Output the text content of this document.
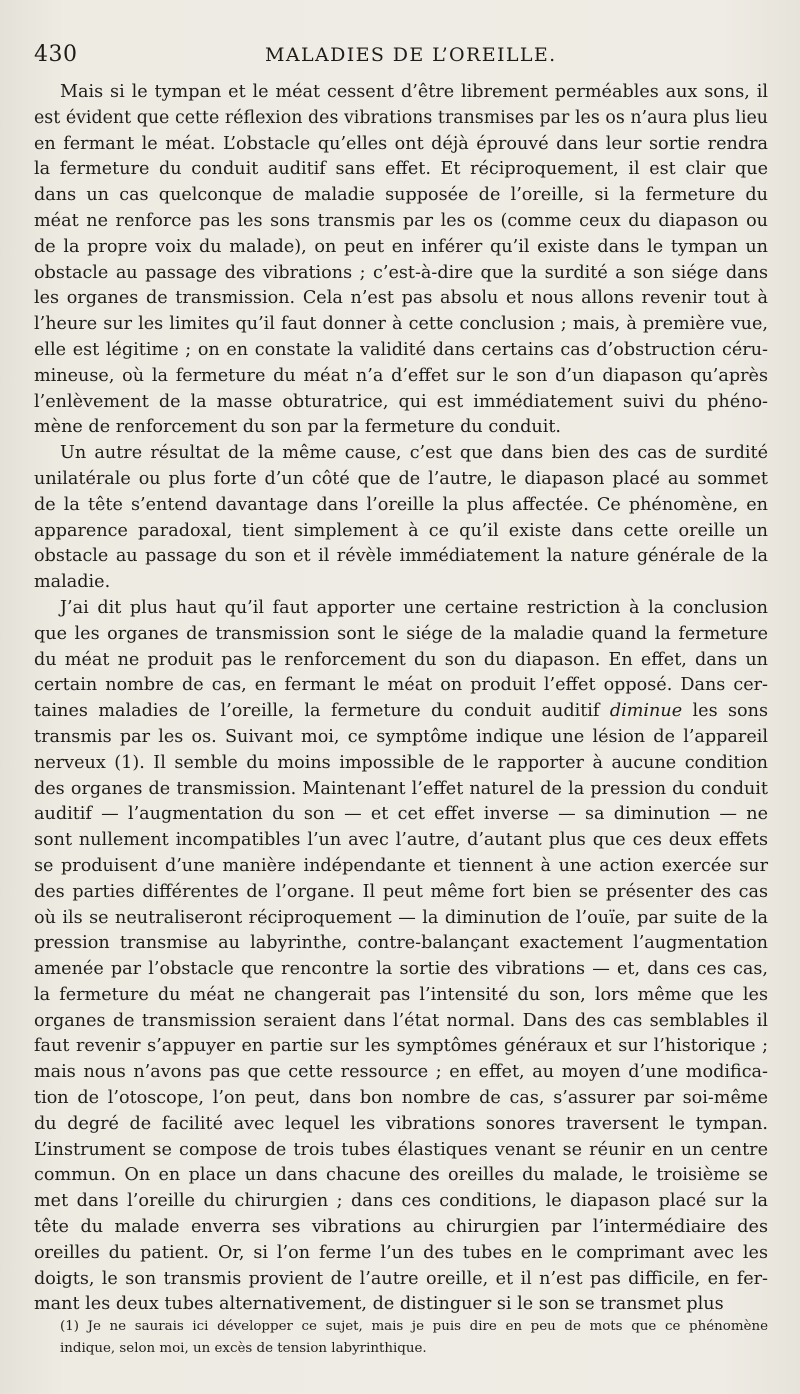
430	MALADIES DE L’OREILLE.
Mais si le tympan et le méat cessent d’être librement perméables aux sons, il
est évident que cette réflexion des vibrations transmises par les os n’aura plus lieu
en fermant le méat. L’obstacle qu’elles ont déjà éprouvé dans leur sortie rendra
la fermeture du conduit auditif sans effet. Et réciproquement, il est clair que
dans un cas quelconque de maladie supposée de l’oreille, si la fermeture du
méat ne renforce pas les sons transmis par les os (comme ceux du diapason ou
de la propre voix du malade), on peut en inférer qu’il existe dans le tympan un
obstacle au passage des vibrations ; c’est-à-dire que la surdité a son siége dans
les organes de transmission. Cela n’est pas absolu et nous allons revenir tout à
l’heure sur les limites qu’il faut donner à cette conclusion ; mais, à première vue,
elle est légitime ; on en constate la validité dans certains cas d’obstruction céru-
mineuse, où la fermeture du méat n’a d’effet sur le son d’un diapason qu’après
l’enlèvement de la masse obturatrice, qui est immédiatement suivi du phéno-
mène de renforcement du son par la fermeture du conduit.
Un autre résultat de la même cause, c’est que dans bien des cas de surdité
unilatérale ou plus forte d’un côté que de l’autre, le diapason placé au sommet
de la tête s’entend davantage dans l’oreille la plus affectée. Ce phénomène, en
apparence paradoxal, tient simplement à ce qu’il existe dans cette oreille un
obstacle au passage du son et il révèle immédiatement la nature générale de la
maladie.
J’ai dit plus haut qu’il faut apporter une certaine restriction à la conclusion
que les organes de transmission sont le siége de la maladie quand la fermeture
du méat ne produit pas le renforcement du son du diapason. En effet, dans un
certain nombre de cas, en fermant le méat on produit l’effet opposé. Dans cer-
taines maladies de l’oreille, la fermeture du conduit auditif diminue les sons
transmis par les os. Suivant moi, ce symptôme indique une lésion de l’appareil
nerveux (1). Il semble du moins impossible de le rapporter à aucune condition
des organes de transmission. Maintenant l’effet naturel de la pression du conduit
auditif — l’augmentation du son — et cet effet inverse — sa diminution — ne
sont nullement incompatibles l’un avec l’autre, d’autant plus que ces deux effets
se produisent d’une manière indépendante et tiennent à une action exercée sur
des parties différentes de l’organe. Il peut même fort bien se présenter des cas
où ils se neutraliseront réciproquement — la diminution de l’ouïe, par suite de la
pression transmise au labyrinthe, contre-balançant exactement l’augmentation
amenée par l’obstacle que rencontre la sortie des vibrations — et, dans ces cas,
la fermeture du méat ne changerait pas l’intensité du son, lors même que les
organes de transmission seraient dans l’état normal. Dans des cas semblables il
faut revenir s’appuyer en partie sur les symptômes généraux et sur l’historique ;
mais nous n’avons pas que cette ressource ; en effet, au moyen d’une modifica-
tion de l’otoscope, l’on peut, dans bon nombre de cas, s’assurer par soi-même
du degré de facilité avec lequel les vibrations sonores traversent le tympan.
L’instrument se compose de trois tubes élastiques venant se réunir en un centre
commun. On en place un dans chacune des oreilles du malade, le troisième se
met dans l’oreille du chirurgien ; dans ces conditions, le diapason placé sur la
tête du malade enverra ses vibrations au chirurgien par l’intermédiaire des
oreilles du patient. Or, si l’on ferme l’un des tubes en le comprimant avec les
doigts, le son transmis provient de l’autre oreille, et il n’est pas difficile, en fer-
mant les deux tubes alternativement, de distinguer si le son se transmet plus
(1) Je ne saurais ici développer ce sujet, mais je puis dire en peu de mots que ce phénomène
indique, selon moi, un excès de tension labyrinthique.
